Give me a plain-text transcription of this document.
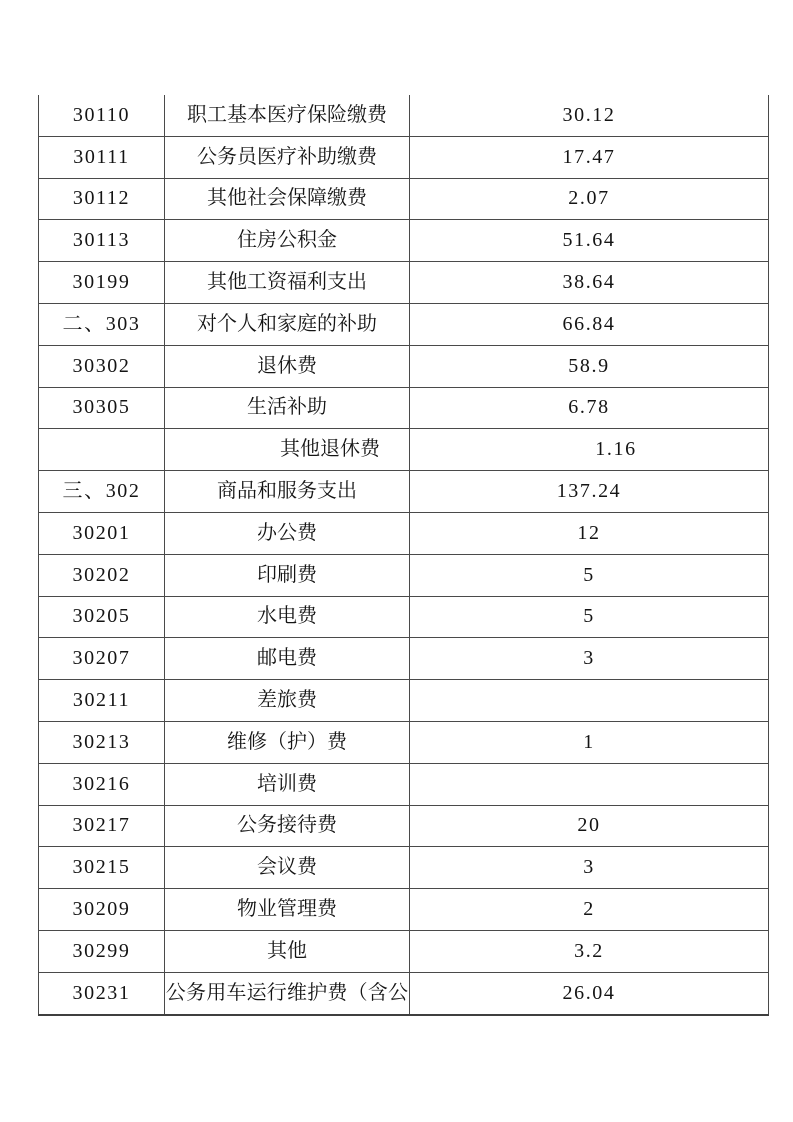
30110	职工基本医疗保险缴费	30.12
30111	公务员医疗补助缴费	17.47
30112	其他社会保障缴费	2.07
30113	住房公积金	51.64
30199	其他工资福利支出	38.64
二、303	对个人和家庭的补助	66.84
30302	退休费	58.9
30305	生活补助	6.78
	其他退休费	1.16
三、302	商品和服务支出	137.24
30201	办公费	12
30202	印刷费	5
30205	水电费	5
30207	邮电费	3
30211	差旅费	
30213	维修（护）费	1
30216	培训费	
30217	公务接待费	20
30215	会议费	3
30209	物业管理费	2
30299	其他	3.2
30231	公务用车运行维护费（含公	26.04
